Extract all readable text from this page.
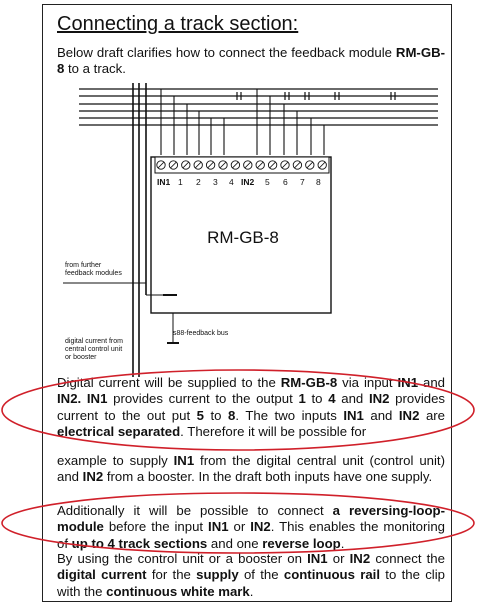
Connecting a track section:

Below draft clarifies how to connect the feedback module RM-GB-8 to a track.

IN1 1 2 3 4 IN2 5 6 7 8
RM-GB-8
s88-feedback bus
from further
feedback modules
digital current from
central control unit
or booster

Digital current will be supplied to the RM-GB-8 via input IN1 and IN2. IN1 provides current to the output 1 to 4 and IN2 provides current to the out put 5 to 8. The two inputs IN1 and IN2 are electrical separated. Therefore it will be possible for

example to supply IN1 from the digital central unit (control unit) and IN2 from a booster. In the draft both inputs have one supply.

Additionally it will be possible to connect a reversing-loop-module before the input IN1 or IN2. This enables the monitoring of up to 4 track sections and one reverse loop.

By using the control unit or a booster on IN1 or IN2 connect the digital current for the supply of the continuous rail to the clip with the continuous white mark.
